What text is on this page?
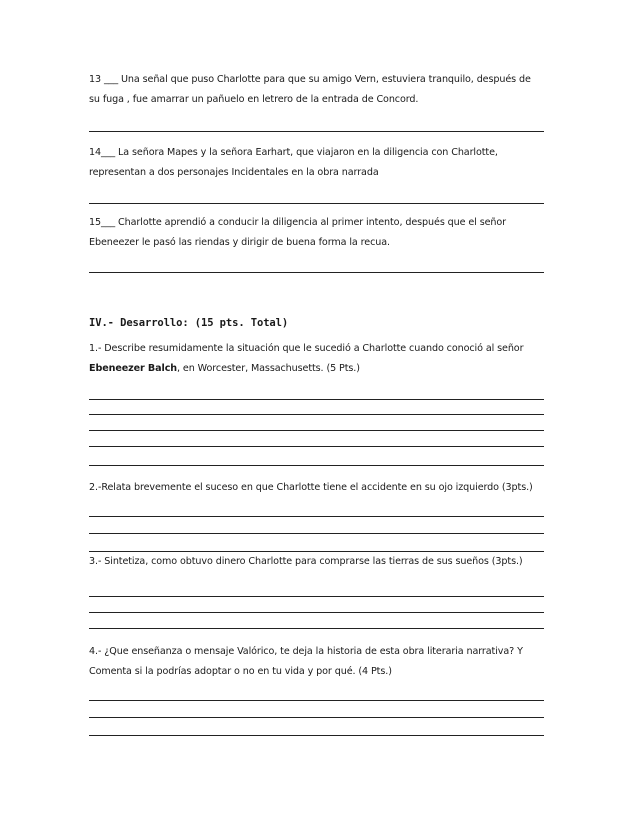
13 ___ Una señal que puso Charlotte para que su amigo Vern, estuviera tranquilo, después de

su fuga , fue amarrar un pañuelo en letrero de la entrada de Concord.

14___ La señora Mapes y la señora Earhart, que viajaron en la diligencia con Charlotte,

representan a dos personajes Incidentales en la obra narrada

15___ Charlotte aprendió a conducir la diligencia al primer intento, después que el señor

Ebeneezer le pasó las riendas y dirigir de buena forma la recua.

IV.- Desarrollo: (15 pts. Total)

1.- Describe resumidamente la situación que le sucedió a Charlotte cuando conoció al señor

Ebeneezer Balch, en Worcester, Massachusetts. (5 Pts.)

2.-Relata brevemente el suceso en que Charlotte tiene el accidente en su ojo izquierdo (3pts.)

3.- Sintetiza, como obtuvo dinero Charlotte para comprarse las tierras de sus sueños (3pts.)

4.- ¿Que enseñanza o mensaje Valórico, te deja la historia de esta obra literaria narrativa? Y

Comenta si la podrías adoptar o no en tu vida y por qué. (4 Pts.)
